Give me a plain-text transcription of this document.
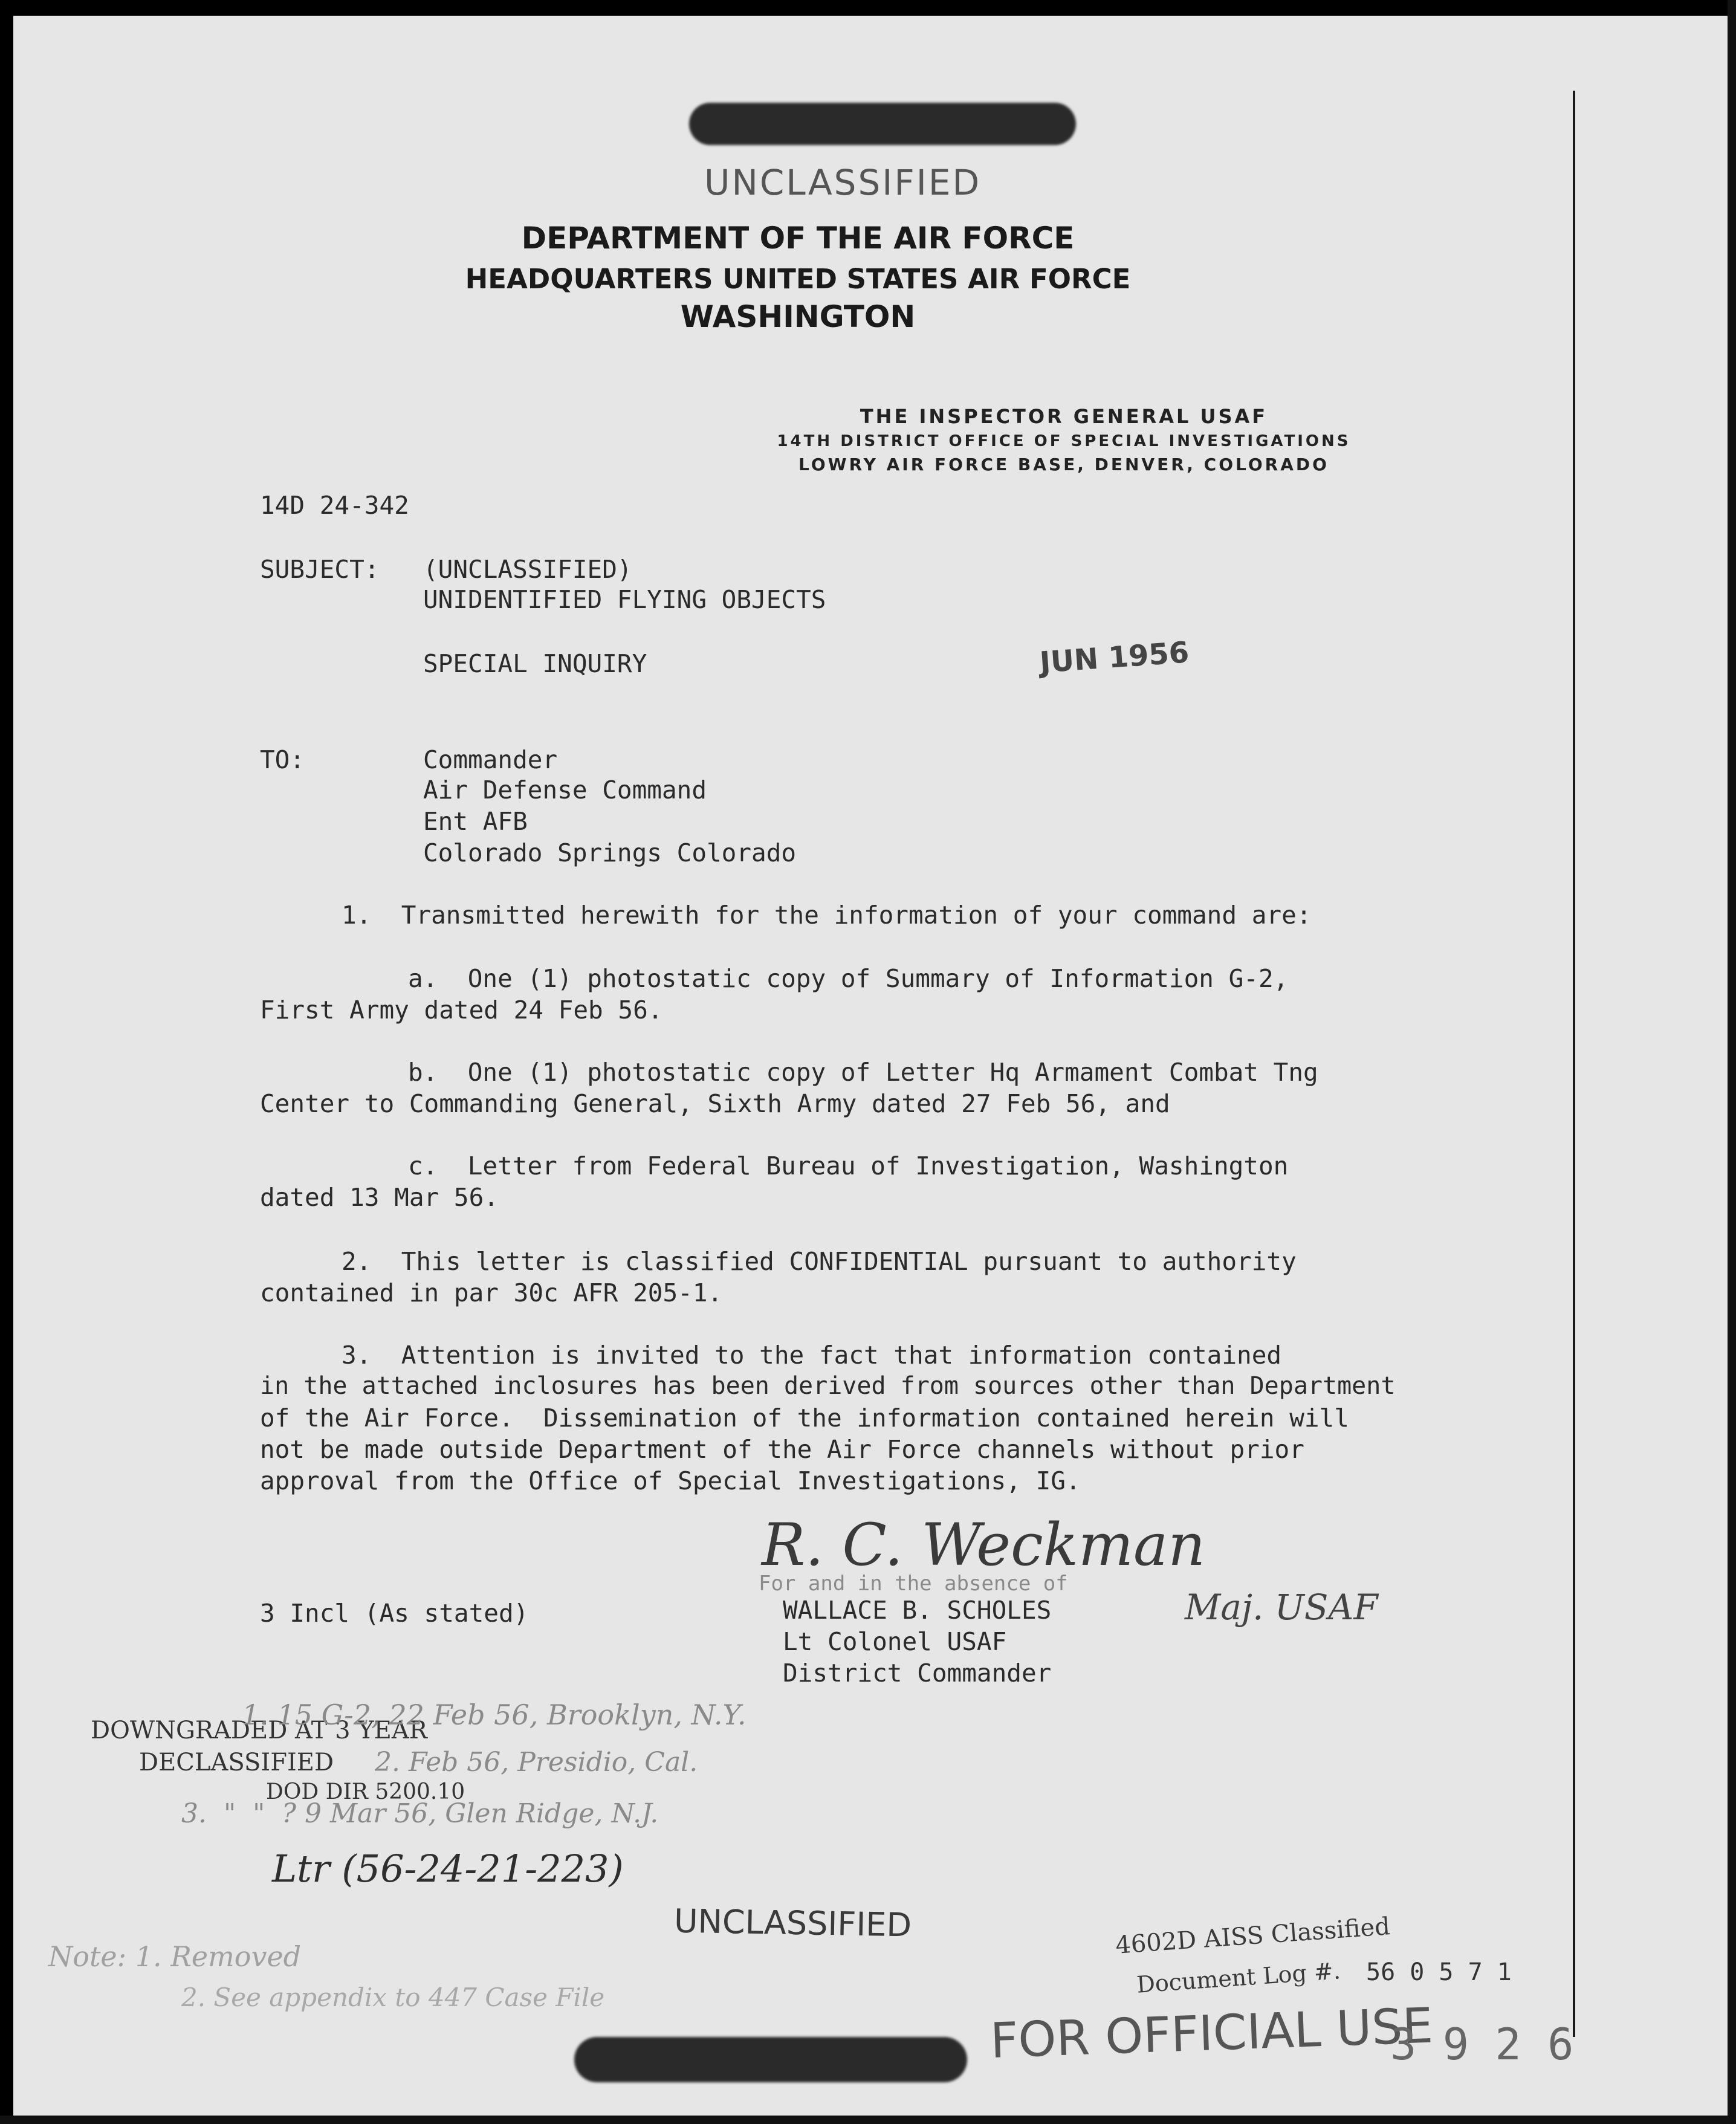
UNCLASSIFIED
DEPARTMENT OF THE AIR FORCE
HEADQUARTERS UNITED STATES AIR FORCE
WASHINGTON
THE INSPECTOR GENERAL USAF
14TH DISTRICT OFFICE OF SPECIAL INVESTIGATIONS
LOWRY AIR FORCE BASE, DENVER, COLORADO
14D 24-342
SUBJECT: (UNCLASSIFIED)
UNIDENTIFIED FLYING OBJECTS
SPECIAL INQUIRY	JUN 1956
TO:	Commander
Air Defense Command
Ent AFB
Colorado Springs Colorado
1.  Transmitted herewith for the information of your command are:
a.  One (1) photostatic copy of Summary of Information G-2,
First Army dated 24 Feb 56.
b.  One (1) photostatic copy of Letter Hq Armament Combat Tng
Center to Commanding General, Sixth Army dated 27 Feb 56, and
c.  Letter from Federal Bureau of Investigation, Washington
dated 13 Mar 56.
2.  This letter is classified CONFIDENTIAL pursuant to authority
contained in par 30c AFR 205-1.
3.  Attention is invited to the fact that information contained
in the attached inclosures has been derived from sources other than Department
of the Air Force.  Dissemination of the information contained herein will
not be made outside Department of the Air Force channels without prior
approval from the Office of Special Investigations, IG.
R. C. Weckman
For and in the absence of
Maj. USAF
WALLACE B. SCHOLES
Lt Colonel USAF
District Commander
3 Incl (As stated)
DOWNGRADED AT 3 YEAR
DECLASSIFIED
DOD DIR 5200.10
1. 15 G-2, 22 Feb 56, Brooklyn, N.Y.
2. Feb 56, Presidio, Cal.
3.  "  "  ? 9 Mar 56, Glen Ridge, N.J.
Ltr (56-24-21-223)
UNCLASSIFIED
Note: 1. Removed
2. See appendix to 447 Case File
4602D AISS Classified
Document Log #. 56 0 5 7 1
FOR OFFICIAL USE
3 9 2 6
